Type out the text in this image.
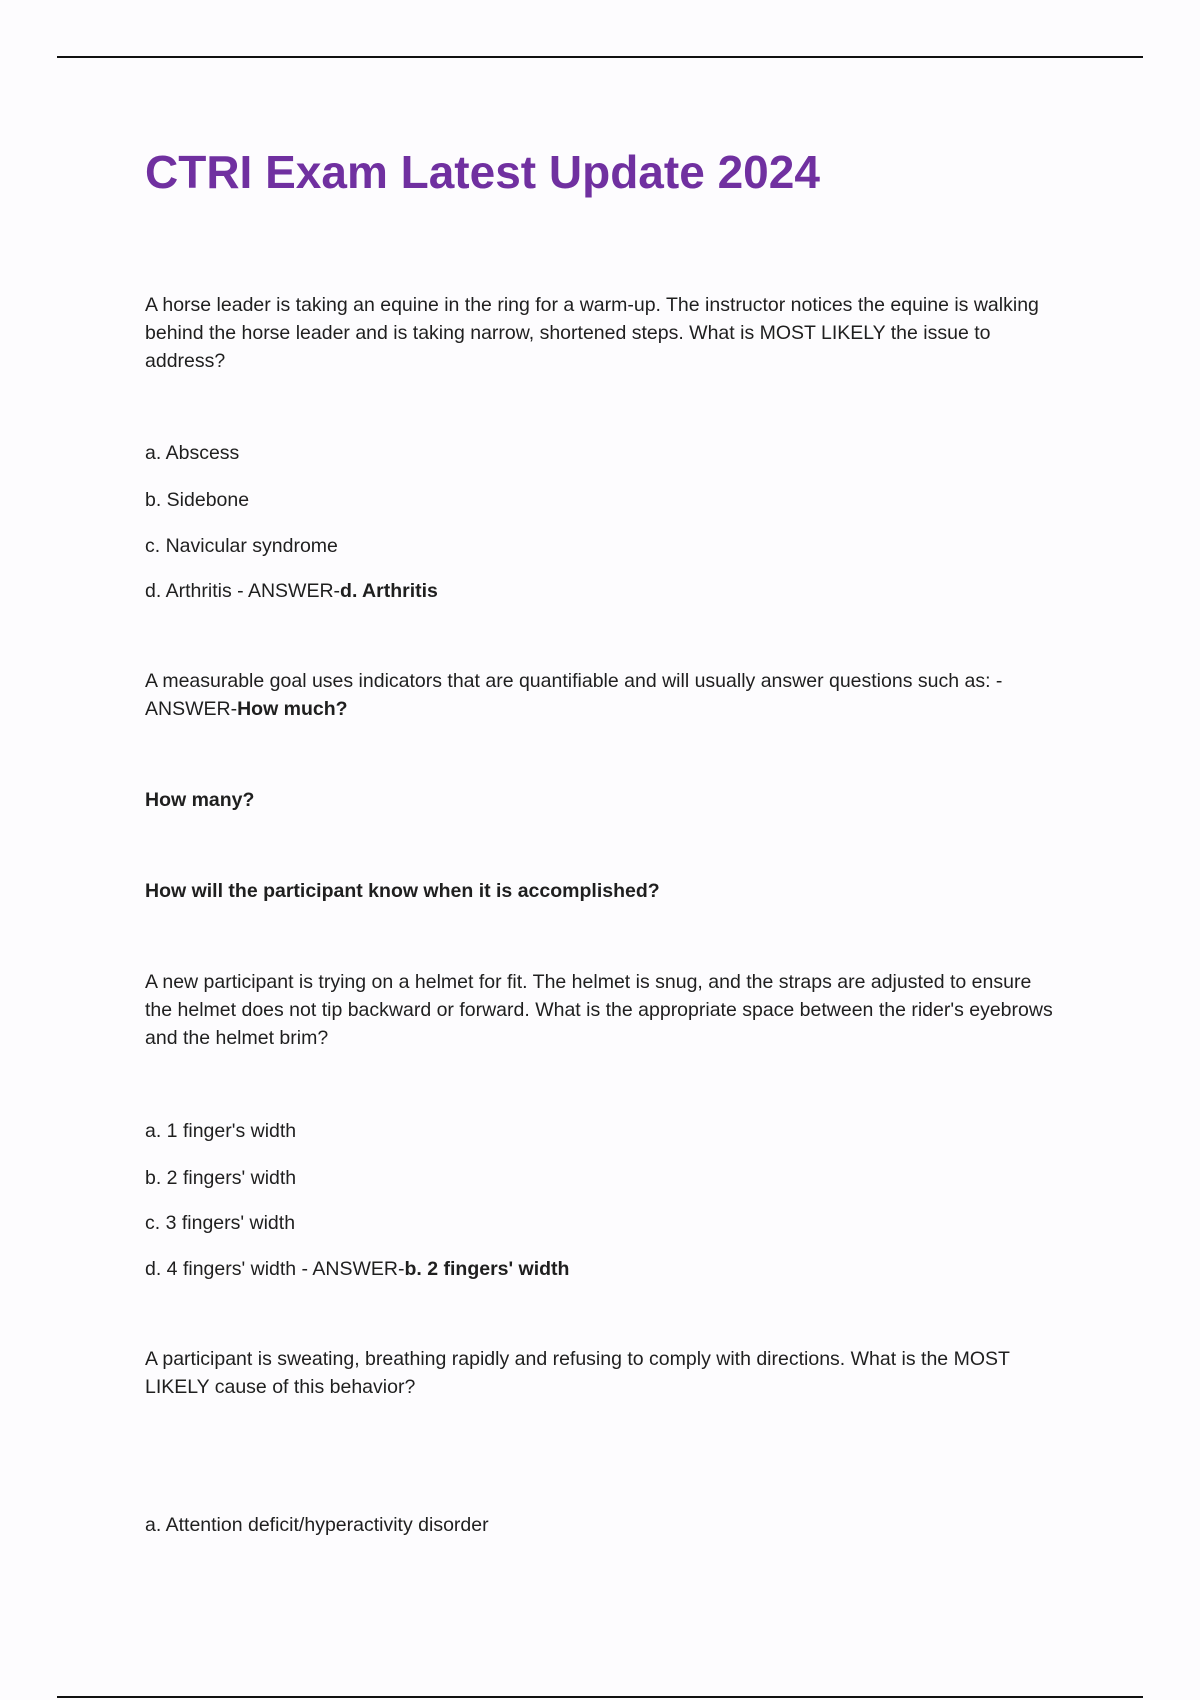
CTRI Exam Latest Update 2024

A horse leader is taking an equine in the ring for a warm-up. The instructor notices the equine is walking behind the horse leader and is taking narrow, shortened steps. What is MOST LIKELY the issue to address?

a. Abscess

b. Sidebone

c. Navicular syndrome

d. Arthritis - ANSWER-d. Arthritis

A measurable goal uses indicators that are quantifiable and will usually answer questions such as: - ANSWER-How much?

How many?

How will the participant know when it is accomplished?

A new participant is trying on a helmet for fit. The helmet is snug, and the straps are adjusted to ensure the helmet does not tip backward or forward. What is the appropriate space between the rider's eyebrows and the helmet brim?

a. 1 finger's width

b. 2 fingers' width

c. 3 fingers' width

d. 4 fingers' width - ANSWER-b. 2 fingers' width

A participant is sweating, breathing rapidly and refusing to comply with directions. What is the MOST LIKELY cause of this behavior?

a. Attention deficit/hyperactivity disorder
